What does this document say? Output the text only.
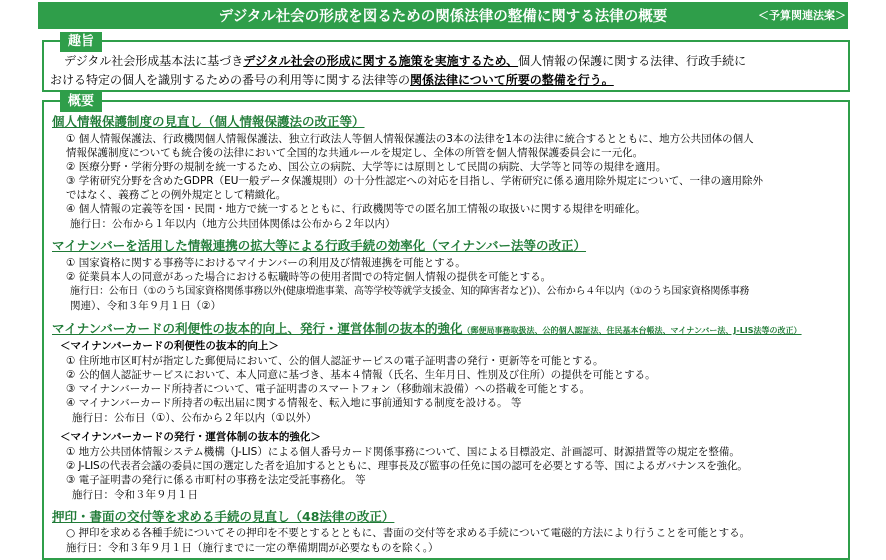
デジタル社会の形成を図るための関係法律の整備に関する法律の概要	＜予算関連法案＞
デジタル社会形成基本法に基づきデジタル社会の形成に関する施策を実施するため、個人情報の保護に関する法律、行政手続に
おける特定の個人を識別するための番号の利用等に関する法律等の関係法律について所要の整備を行う。
趣旨
概要
個人情報保護制度の見直し（個人情報保護法の改正等）
① 個人情報保護法、行政機関個人情報保護法、独立行政法人等個人情報保護法の3本の法律を1本の法律に統合するとともに、地方公共団体の個人
情報保護制度についても統合後の法律において全国的な共通ルールを規定し、全体の所管を個人情報保護委員会に一元化。
② 医療分野・学術分野の規制を統一するため、国公立の病院、大学等には原則として民間の病院、大学等と同等の規律を適用。
③ 学術研究分野を含めたGDPR（EU一般データ保護規則）の十分性認定への対応を目指し、学術研究に係る適用除外規定について、一律の適用除外
ではなく、義務ごとの例外規定として精緻化。
④ 個人情報の定義等を国・民間・地方で統一するとともに、行政機関等での匿名加工情報の取扱いに関する規律を明確化。
施行日：公布から１年以内（地方公共団体関係は公布から２年以内）
マイナンバーを活用した情報連携の拡大等による行政手続の効率化（マイナンバー法等の改正）
① 国家資格に関する事務等におけるマイナンバーの利用及び情報連携を可能とする。
② 従業員本人の同意があった場合における転職時等の使用者間での特定個人情報の提供を可能とする。
施行日：公布日（①のうち国家資格関係事務以外(健康増進事業、高等学校等就学支援金、知的障害者など)）、公布から４年以内（①のうち国家資格関係事務
関連）、令和３年９月１日（②）
マイナンバーカードの利便性の抜本的向上、発行・運営体制の抜本的強化（郵便局事務取扱法、公的個人認証法、住民基本台帳法、マイナンバー法、J-LIS法等の改正）
＜マイナンバーカードの利便性の抜本的向上＞
① 住所地市区町村が指定した郵便局において、公的個人認証サービスの電子証明書の発行・更新等を可能とする。
② 公的個人認証サービスにおいて、本人同意に基づき、基本４情報（氏名、生年月日、性別及び住所）の提供を可能とする。
③ マイナンバーカード所持者について、電子証明書のスマートフォン（移動端末設備）への搭載を可能とする。
④ マイナンバーカード所持者の転出届に関する情報を、転入地に事前通知する制度を設ける。 等
施行日：公布日（①）、公布から２年以内（①以外）
＜マイナンバーカードの発行・運営体制の抜本的強化＞
① 地方公共団体情報システム機構（J-LIS）による個人番号カード関係事務について、国による目標設定、計画認可、財源措置等の規定を整備。
② J-LISの代表者会議の委員に国の選定した者を追加するとともに、理事長及び監事の任免に国の認可を必要とする等、国によるガバナンスを強化。
③ 電子証明書の発行に係る市町村の事務を法定受託事務化。 等
施行日：令和３年９月１日
押印・書面の交付等を求める手続の見直し（48法律の改正）
○ 押印を求める各種手続についてその押印を不要とするとともに、書面の交付等を求める手続について電磁的方法により行うことを可能とする。
施行日：令和３年９月１日（施行までに一定の準備期間が必要なものを除く。）
